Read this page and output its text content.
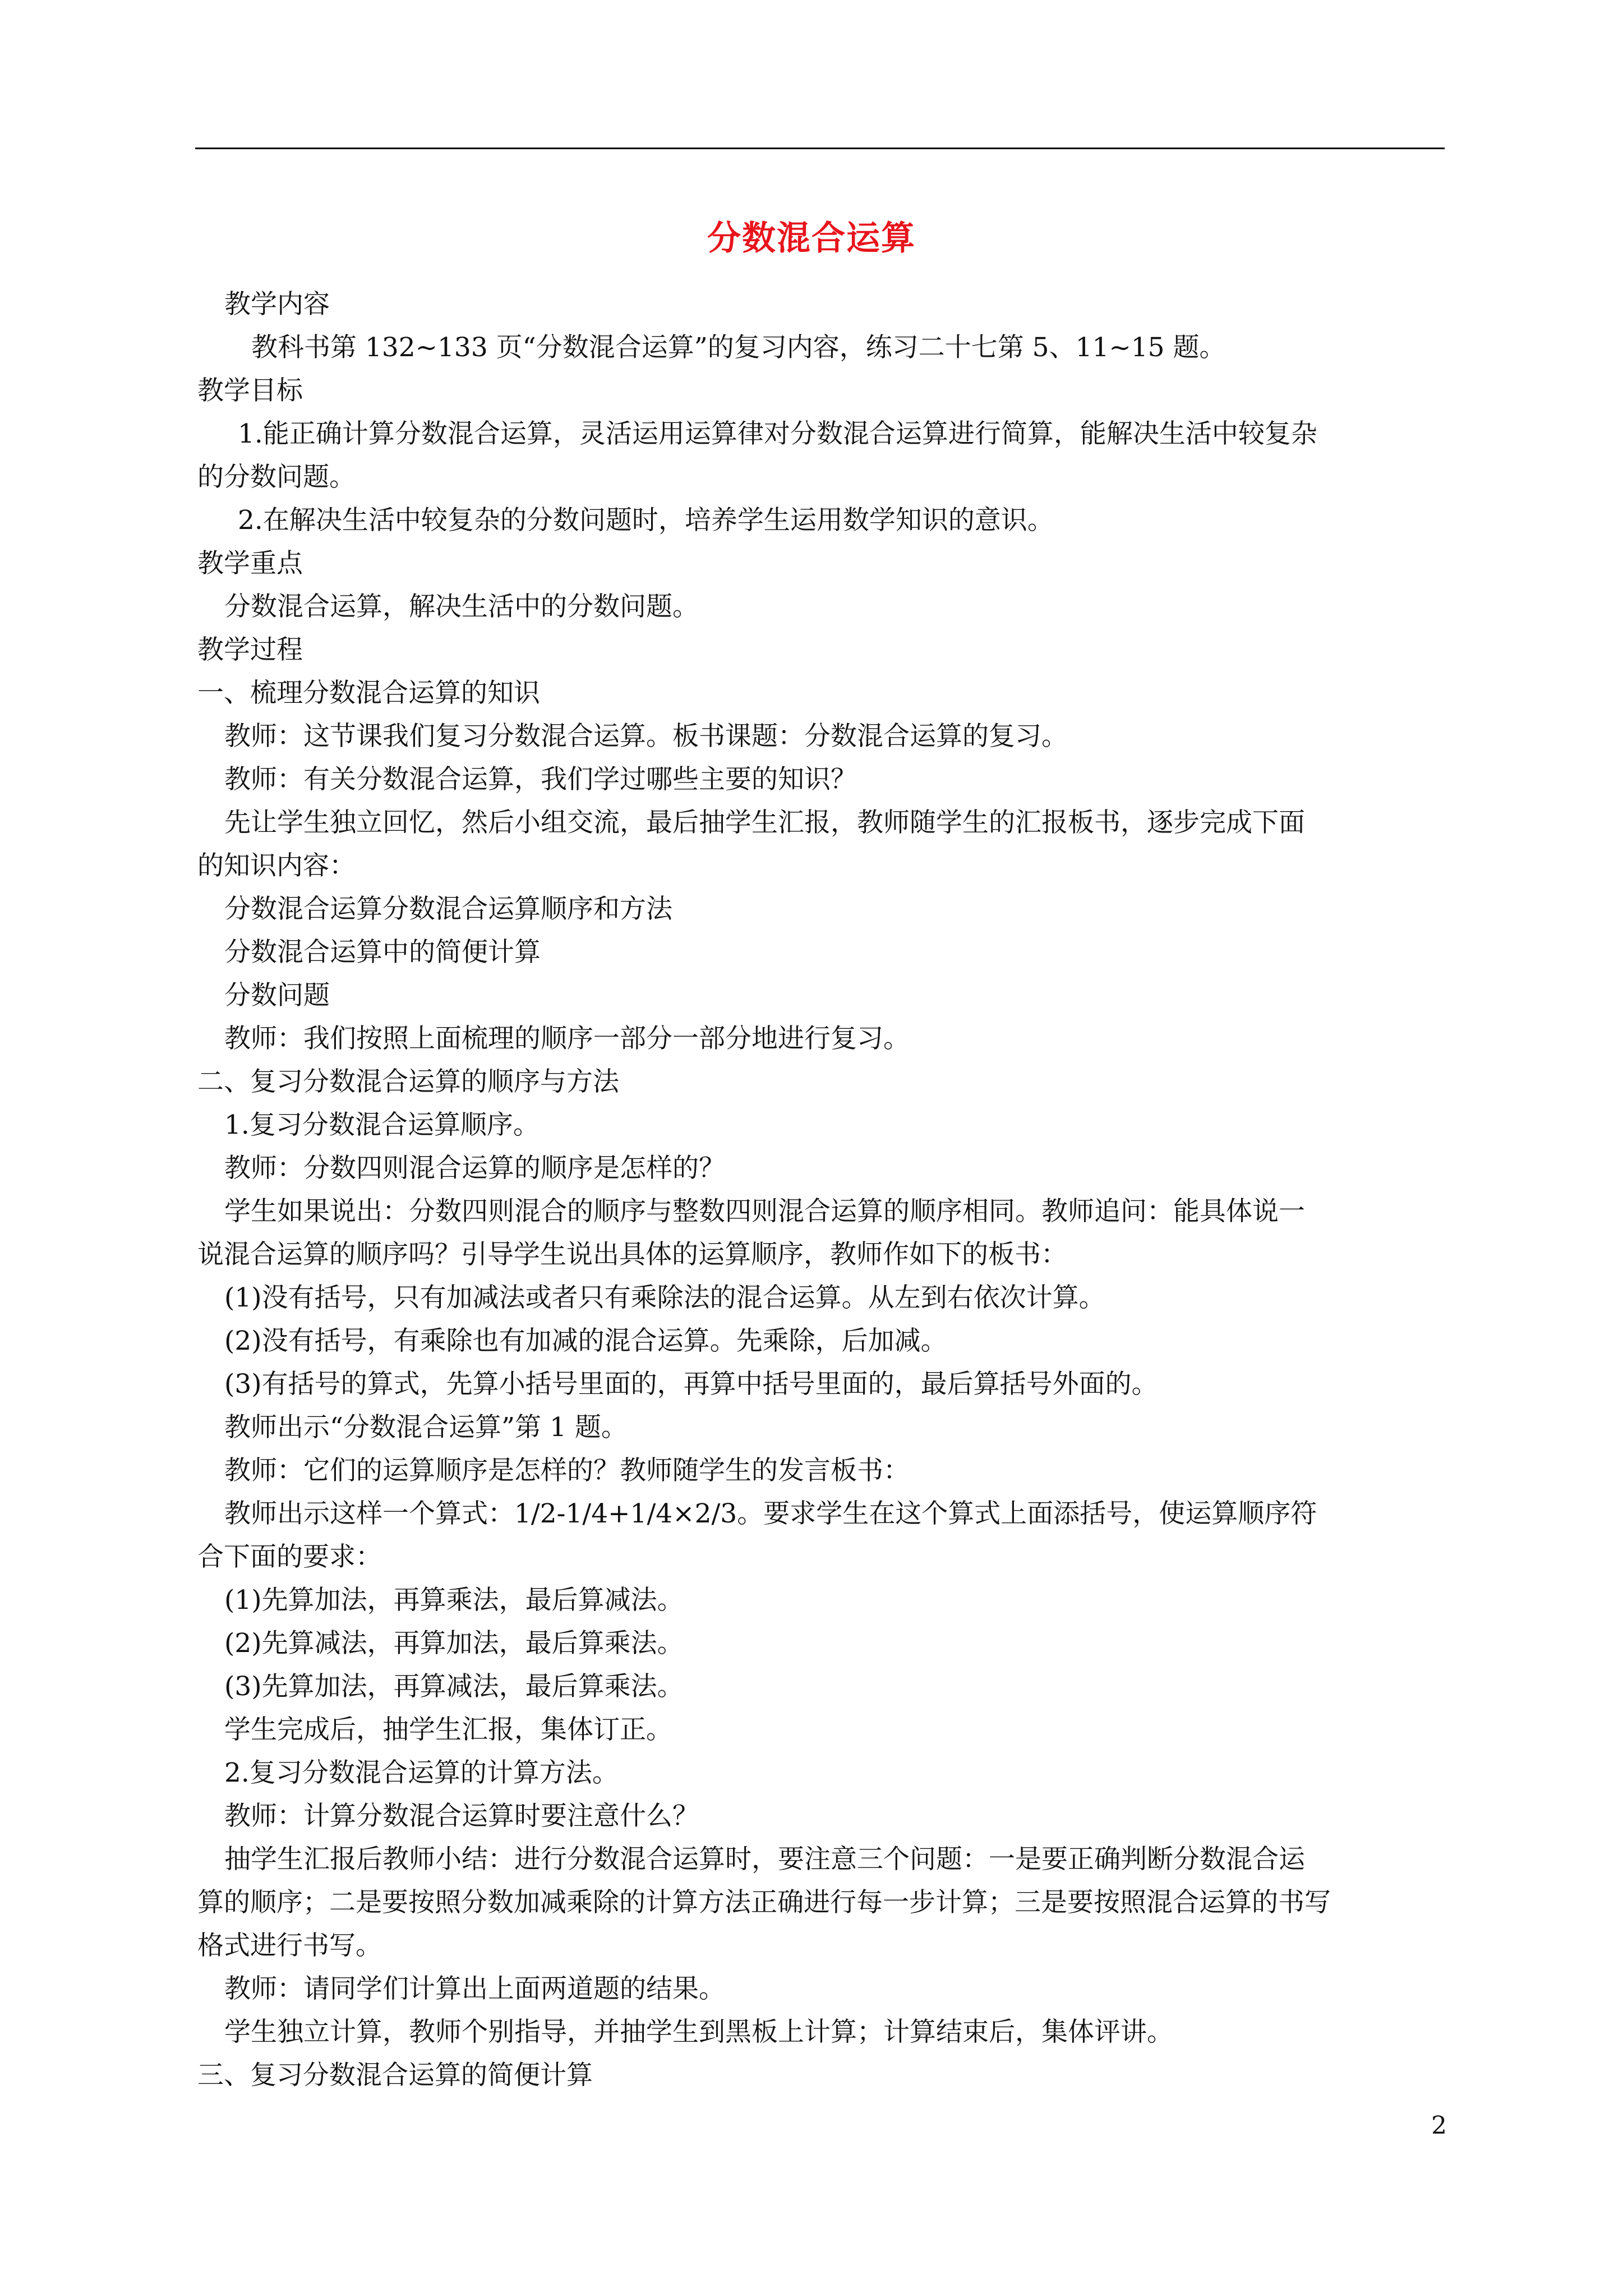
分数混合运算
教学内容
教科书第 132~133 页“分数混合运算”的复习内容，练习二十七第 5、11~15 题。
教学目标
1.能正确计算分数混合运算，灵活运用运算律对分数混合运算进行简算，能解决生活中较复杂
的分数问题。
2.在解决生活中较复杂的分数问题时，培养学生运用数学知识的意识。
教学重点
分数混合运算，解决生活中的分数问题。
教学过程
一、梳理分数混合运算的知识
教师：这节课我们复习分数混合运算。板书课题：分数混合运算的复习。
教师：有关分数混合运算，我们学过哪些主要的知识？
先让学生独立回忆，然后小组交流，最后抽学生汇报，教师随学生的汇报板书，逐步完成下面
的知识内容：
分数混合运算分数混合运算顺序和方法
分数混合运算中的简便计算
分数问题
教师：我们按照上面梳理的顺序一部分一部分地进行复习。
二、复习分数混合运算的顺序与方法
1.复习分数混合运算顺序。
教师：分数四则混合运算的顺序是怎样的？
学生如果说出：分数四则混合的顺序与整数四则混合运算的顺序相同。教师追问：能具体说一
说混合运算的顺序吗？引导学生说出具体的运算顺序，教师作如下的板书：
(1)没有括号，只有加减法或者只有乘除法的混合运算。从左到右依次计算。
(2)没有括号，有乘除也有加减的混合运算。先乘除，后加减。
(3)有括号的算式，先算小括号里面的，再算中括号里面的，最后算括号外面的。
教师出示“分数混合运算”第 1 题。
教师：它们的运算顺序是怎样的？教师随学生的发言板书：
教师出示这样一个算式：1/2-1/4+1/4×2/3。要求学生在这个算式上面添括号，使运算顺序符
合下面的要求：
(1)先算加法，再算乘法，最后算减法。
(2)先算减法，再算加法，最后算乘法。
(3)先算加法，再算减法，最后算乘法。
学生完成后，抽学生汇报，集体订正。
2.复习分数混合运算的计算方法。
教师：计算分数混合运算时要注意什么？
抽学生汇报后教师小结：进行分数混合运算时，要注意三个问题：一是要正确判断分数混合运
算的顺序；二是要按照分数加减乘除的计算方法正确进行每一步计算；三是要按照混合运算的书写
格式进行书写。
教师：请同学们计算出上面两道题的结果。
学生独立计算，教师个别指导，并抽学生到黑板上计算；计算结束后，集体评讲。
三、复习分数混合运算的简便计算
2
